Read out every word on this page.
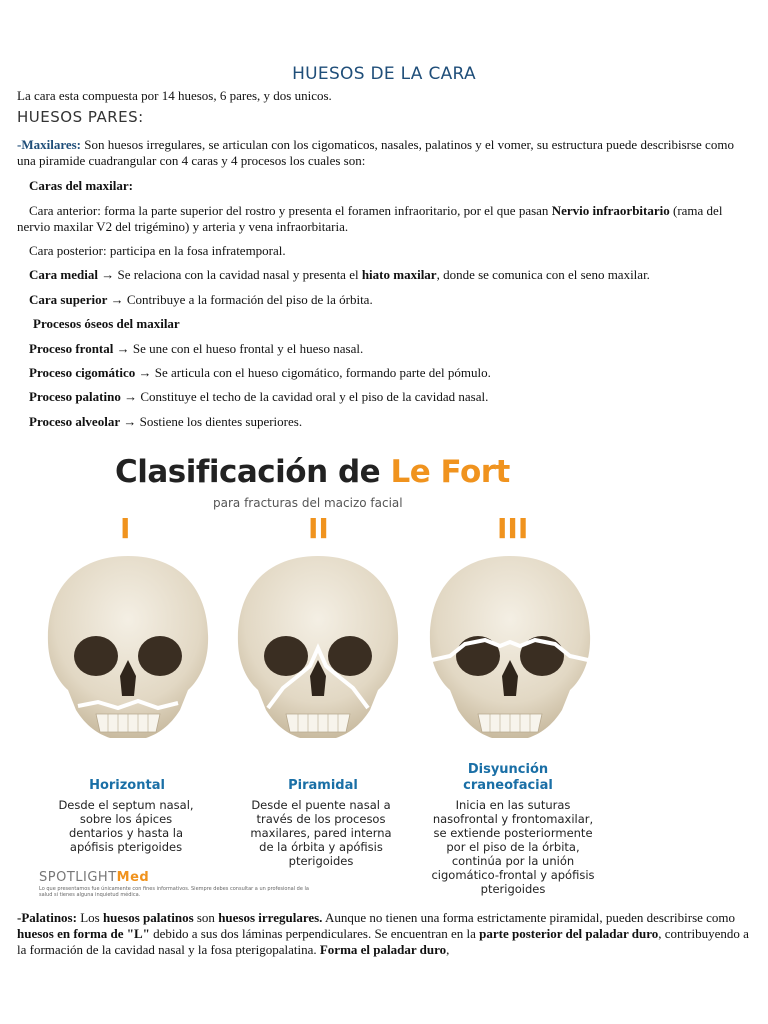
HUESOS DE LA CARA
La cara esta compuesta por 14 huesos, 6 pares, y dos unicos.
HUESOS PARES:
-Maxilares: Son huesos irregulares, se articulan con los cigomaticos, nasales, palatinos y el vomer, su estructura puede describisrse como una piramide cuadrangular con 4 caras y 4 procesos los cuales son:
Caras del maxilar:
Cara anterior: forma la parte superior del rostro y presenta el foramen infraoritario, por el que pasan Nervio infraorbitario (rama del nervio maxilar V2 del trigémino) y arteria y vena infraorbitaria.
Cara posterior: participa en la fosa infratemporal.
Cara medial → Se relaciona con la cavidad nasal y presenta el hiato maxilar, donde se comunica con el seno maxilar.
Cara superior → Contribuye a la formación del piso de la órbita.
Procesos óseos del maxilar
Proceso frontal → Se une con el hueso frontal y el hueso nasal.
Proceso cigomático → Se articula con el hueso cigomático, formando parte del pómulo.
Proceso palatino → Constituye el techo de la cavidad oral y el piso de la cavidad nasal.
Proceso alveolar → Sostiene los dientes superiores.
Clasificación de Le Fort
para fracturas del macizo facial
I	II	III
Horizontal
Desde el septum nasal,
sobre los ápices
dentarios y hasta la
apófisis pterigoides
Piramidal
Desde el puente nasal a
través de los procesos
maxilares, pared interna
de la órbita y apófisis
pterigoides
Disyunción craneofacial
Inicia en las suturas
nasofrontal y frontomaxilar,
se extiende posteriormente
por el piso de la órbita,
continúa por la unión
cigomático-frontal y apófisis
pterigoides
SPOTLIGHTMed
Lo que presentamos fue únicamente con fines informativos. Siempre debes consultar a un profesional de la salud si tienes alguna inquietud médica.
-Palatinos: Los huesos palatinos son huesos irregulares. Aunque no tienen una forma estrictamente piramidal, pueden describirse como huesos en forma de "L" debido a sus dos láminas perpendiculares. Se encuentran en la parte posterior del paladar duro, contribuyendo a la formación de la cavidad nasal y la fosa pterigopalatina. Forma el paladar duro,
